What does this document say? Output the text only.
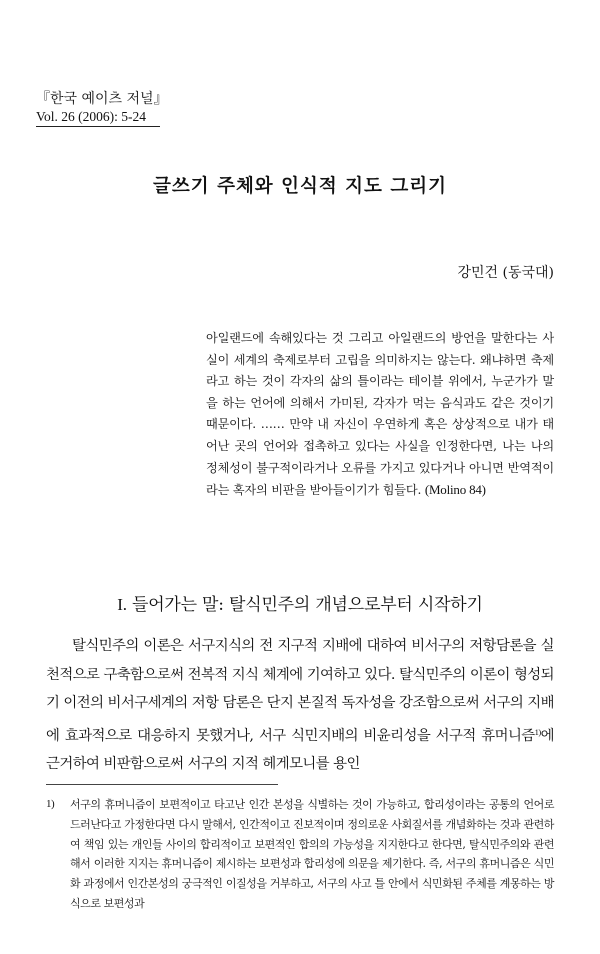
『한국 예이츠 저널』
Vol. 26 (2006): 5-24
글쓰기 주체와 인식적 지도 그리기
강민건 (동국대)
아일랜드에 속해있다는 것 그리고 아일랜드의 방언을 말한다는 사실이 세계의 축제로부터 고립을 의미하지는 않는다. 왜냐하면 축제라고 하는 것이 각자의 삶의 틀이라는 테이블 위에서, 누군가가 말을 하는 언어에 의해서 가미된, 각자가 먹는 음식과도 같은 것이기 때문이다. …… 만약 내 자신이 우연하게 혹은 상상적으로 내가 태어난 곳의 언어와 접촉하고 있다는 사실을 인정한다면, 나는 나의 정체성이 불구적이라거나 오류를 가지고 있다거나 아니면 반역적이라는 혹자의 비판을 받아들이기가 힘들다. (Molino 84)
I. 들어가는 말: 탈식민주의 개념으로부터 시작하기
탈식민주의 이론은 서구지식의 전 지구적 지배에 대하여 비서구의 저항담론을 실천적으로 구축함으로써 전복적 지식 체계에 기여하고 있다. 탈식민주의 이론이 형성되기 이전의 비서구세계의 저항 담론은 단지 본질적 독자성을 강조함으로써 서구의 지배에 효과적으로 대응하지 못했거나, 서구 식민지배의 비윤리성을 서구적 휴머니즘$^{1)}$에 근거하여 비판함으로써 서구의 지적 헤게모니를 용인
1) 서구의 휴머니즘이 보편적이고 타고난 인간 본성을 식별하는 것이 가능하고, 합리성이라는 공통의 언어로 드러난다고 가정한다면 다시 말해서, 인간적이고 진보적이며 정의로운 사회질서를 개념화하는 것과 관련하여 책임 있는 개인들 사이의 합리적이고 보편적인 합의의 가능성을 지지한다고 한다면, 탈식민주의와 관련해서 이러한 지지는 휴머니즘이 제시하는 보편성과 합리성에 의문을 제기한다. 즉, 서구의 휴머니즘은 식민화 과정에서 인간본성의 궁극적인 이질성을 거부하고, 서구의 사고 틀 안에서 식민화된 주체를 계몽하는 방식으로 보편성과
